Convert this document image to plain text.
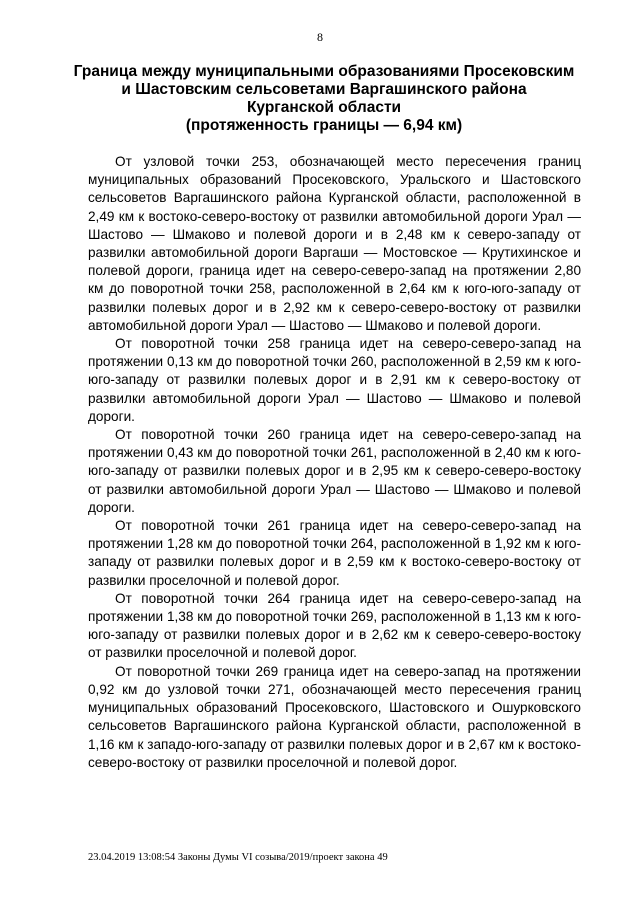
8
Граница между муниципальными образованиями Просековским
и Шастовским сельсоветами Варгашинского района
Курганской области
(протяженность границы — 6,94 км)

От узловой точки 253, обозначающей место пересечения границ муниципальных образований Просековского, Уральского и Шастовского сельсоветов Варгашинского района Курганской области, расположенной в 2,49 км к востоко-северо-востоку от развилки автомобильной дороги Урал — Шастово — Шмаково и полевой дороги и в 2,48 км к северо-западу от развилки автомобильной дороги Варгаши — Мостовское — Крутихинское и полевой дороги, граница идет на северо-северо-запад на протяжении 2,80 км до поворотной точки 258, расположенной в 2,64 км к юго-юго-западу от развилки полевых дорог и в 2,92 км к северо-северо-востоку от развилки автомобильной дороги Урал — Шастово — Шмаково и полевой дороги.

От поворотной точки 258 граница идет на северо-северо-запад на протяжении 0,13 км до поворотной точки 260, расположенной в 2,59 км к юго-юго-западу от развилки полевых дорог и в 2,91 км к северо-востоку от развилки автомобильной дороги Урал — Шастово — Шмаково и полевой дороги.

От поворотной точки 260 граница идет на северо-северо-запад на протяжении 0,43 км до поворотной точки 261, расположенной в 2,40 км к юго-юго-западу от развилки полевых дорог и в 2,95 км к северо-северо-востоку от развилки автомобильной дороги Урал — Шастово — Шмаково и полевой дороги.

От поворотной точки 261 граница идет на северо-северо-запад на протяжении 1,28 км до поворотной точки 264, расположенной в 1,92 км к юго-западу от развилки полевых дорог и в 2,59 км к востоко-северо-востоку от развилки проселочной и полевой дорог.

От поворотной точки 264 граница идет на северо-северо-запад на протяжении 1,38 км до поворотной точки 269, расположенной в 1,13 км к юго-юго-западу от развилки полевых дорог и в 2,62 км к северо-северо-востоку от развилки проселочной и полевой дорог.

От поворотной точки 269 граница идет на северо-запад на протяжении 0,92 км до узловой точки 271, обозначающей место пересечения границ муниципальных образований Просековского, Шастовского и Ошурковского сельсоветов Варгашинского района Курганской области, расположенной в 1,16 км к западо-юго-западу от развилки полевых дорог и в 2,67 км к востоко-северо-востоку от развилки проселочной и полевой дорог.

23.04.2019 13:08:54 Законы Думы VI созыва/2019/проект закона 49
